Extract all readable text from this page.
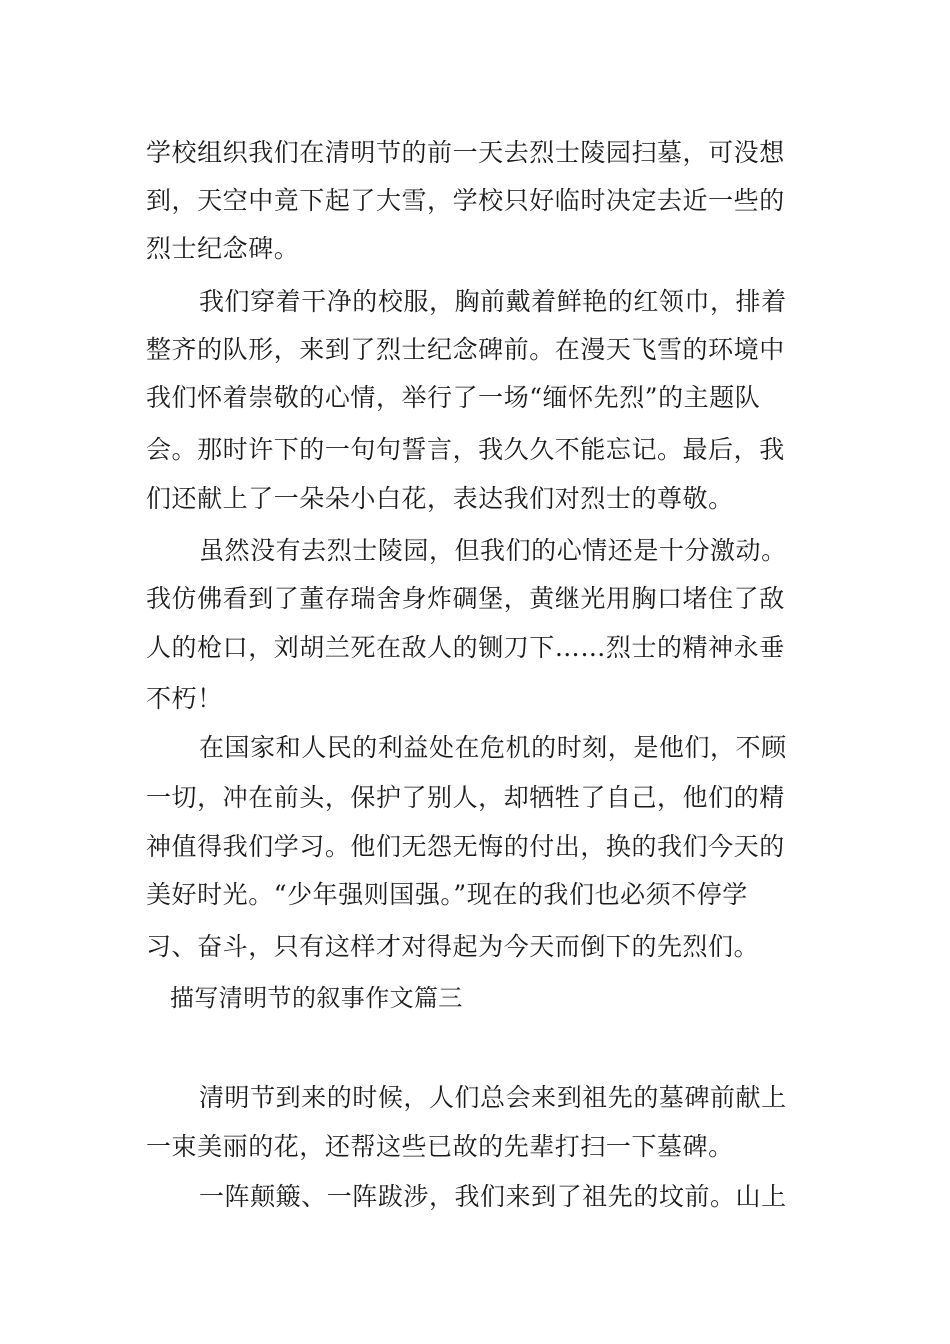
学校组织我们在清明节的前一天去烈士陵园扫墓，可没想
到，天空中竟下起了大雪，学校只好临时决定去近一些的
烈士纪念碑。
我们穿着干净的校服，胸前戴着鲜艳的红领巾，排着
整齐的队形，来到了烈士纪念碑前。在漫天飞雪的环境中
我们怀着崇敬的心情，举行了一场“缅怀先烈”的主题队
会。那时许下的一句句誓言，我久久不能忘记。最后，我
们还献上了一朵朵小白花，表达我们对烈士的尊敬。
虽然没有去烈士陵园，但我们的心情还是十分激动。
我仿佛看到了董存瑞舍身炸碉堡，黄继光用胸口堵住了敌
人的枪口，刘胡兰死在敌人的铡刀下……烈士的精神永垂
不朽！
在国家和人民的利益处在危机的时刻，是他们，不顾
一切，冲在前头，保护了别人，却牺牲了自己，他们的精
神值得我们学习。他们无怨无悔的付出，换的我们今天的
美好时光。“少年强则国强。”现在的我们也必须不停学
习、奋斗，只有这样才对得起为今天而倒下的先烈们。
描写清明节的叙事作文篇三
清明节到来的时候，人们总会来到祖先的墓碑前献上
一束美丽的花，还帮这些已故的先辈打扫一下墓碑。
一阵颠簸、一阵跋涉，我们来到了祖先的坟前。山上
